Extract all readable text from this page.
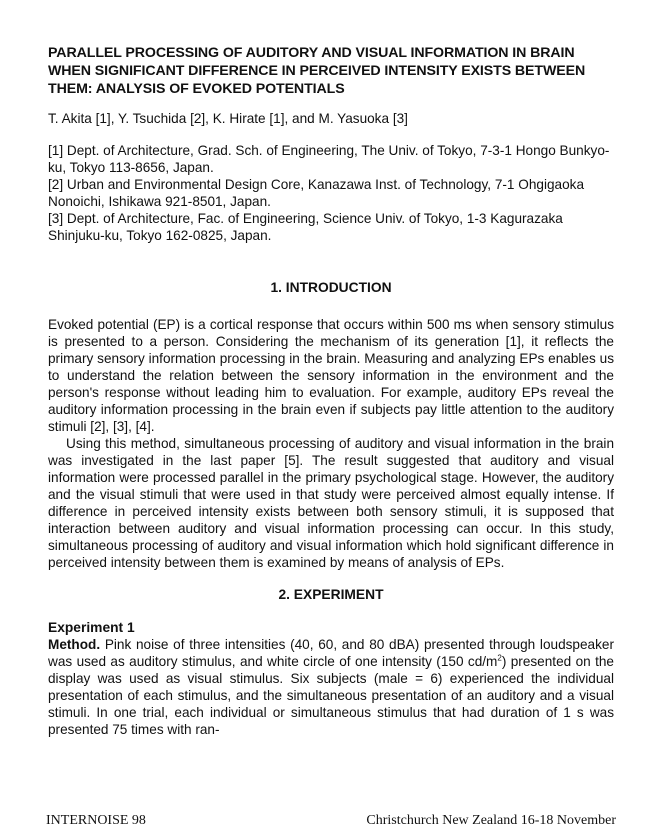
PARALLEL PROCESSING OF AUDITORY AND VISUAL INFORMATION IN BRAIN WHEN SIGNIFICANT DIFFERENCE IN PERCEIVED INTENSITY EXISTS BETWEEN THEM: ANALYSIS OF EVOKED POTENTIALS
T. Akita [1], Y. Tsuchida [2], K. Hirate [1], and M. Yasuoka [3]
[1] Dept. of Architecture, Grad. Sch. of Engineering, The Univ. of Tokyo, 7-3-1 Hongo Bunkyo-ku, Tokyo 113-8656, Japan.
[2] Urban and Environmental Design Core, Kanazawa Inst. of Technology, 7-1 Ohgigaoka Nonoichi, Ishikawa 921-8501, Japan.
[3] Dept. of Architecture, Fac. of Engineering, Science Univ. of Tokyo, 1-3 Kagurazaka Shinjuku-ku, Tokyo 162-0825, Japan.
1. INTRODUCTION

Evoked potential (EP) is a cortical response that occurs within 500 ms when sensory stimulus is presented to a person. Considering the mechanism of its generation [1], it reflects the primary sensory information processing in the brain. Measuring and analyzing EPs enables us to understand the relation between the sensory information in the environment and the person's response without leading him to evaluation. For example, auditory EPs reveal the auditory information processing in the brain even if subjects pay little attention to the auditory stimuli [2], [3], [4].

Using this method, simultaneous processing of auditory and visual information in the brain was investigated in the last paper [5]. The result suggested that auditory and visual information were processed parallel in the primary psychological stage. However, the auditory and the visual stimuli that were used in that study were perceived almost equally intense. If difference in perceived intensity exists between both sensory stimuli, it is supposed that interaction between auditory and visual information processing can occur. In this study, simultaneous processing of auditory and visual information which hold significant difference in perceived intensity between them is examined by means of analysis of EPs.

2. EXPERIMENT
Experiment 1

Method. Pink noise of three intensities (40, 60, and 80 dBA) presented through loudspeaker was used as auditory stimulus, and white circle of one intensity (150 $cd/m^2$) presented on the display was used as visual stimulus. Six subjects (male = 6) experienced the individual presentation of each stimulus, and the simultaneous presentation of an auditory and a visual stimuli. In one trial, each individual or simultaneous stimulus that had duration of 1 s was presented 75 times with ran-

INTERNOISE 98	Christchurch New Zealand 16-18 November
